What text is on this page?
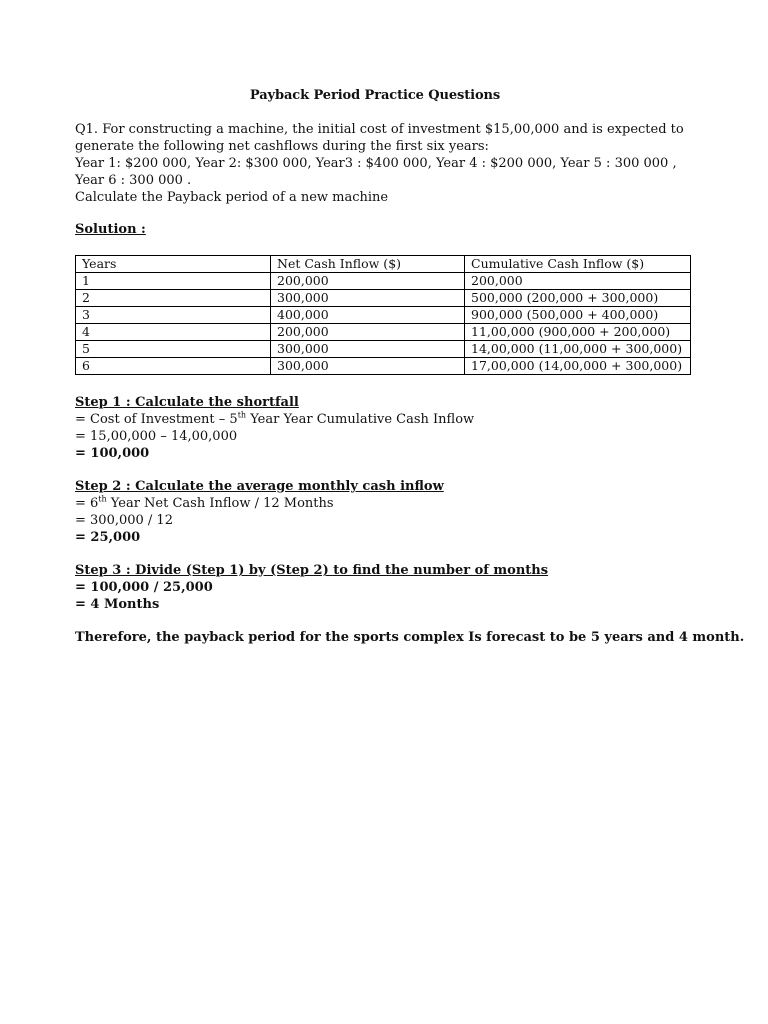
Payback Period Practice Questions
Q1. For constructing a machine, the initial cost of investment $15,00,000 and is expected to
generate the following net cashflows during the first six years:
Year 1: $200 000, Year 2: $300 000, Year3 : $400 000, Year 4 : $200 000, Year 5 : 300 000 ,
Year 6 : 300 000 .
Calculate the Payback period of a new machine
Solution :
Years	Net Cash Inflow ($)	Cumulative Cash Inflow ($)
1	200,000	200,000
2	300,000	500,000 (200,000 + 300,000)
3	400,000	900,000 (500,000 + 400,000)
4	200,000	11,00,000 (900,000 + 200,000)
5	300,000	14,00,000 (11,00,000 + 300,000)
6	300,000	17,00,000 (14,00,000 + 300,000)
Step 1 : Calculate the shortfall
= Cost of Investment – 5th Year Year Cumulative Cash Inflow
= 15,00,000 – 14,00,000
= 100,000
Step 2 : Calculate the average monthly cash inflow
= 6th Year Net Cash Inflow / 12 Months
= 300,000 / 12
= 25,000
Step 3 : Divide (Step 1) by (Step 2) to find the number of months
= 100,000 / 25,000
= 4 Months
Therefore, the payback period for the sports complex Is forecast to be 5 years and 4 month.
